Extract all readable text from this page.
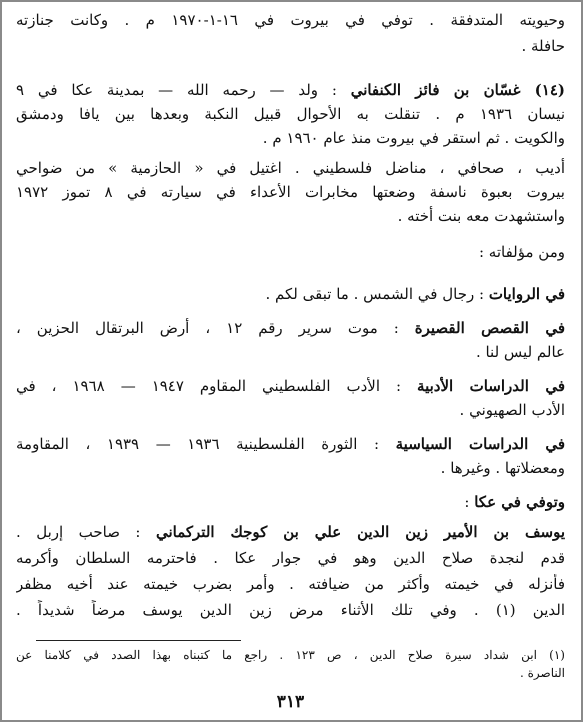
وحيويته المتدفقة . توفي في بيروت في ١٦-١-١٩٧٠ م . وكانت جنازته
حافلة .
(١٤) غسّان بن فائز الكنفاني : ولد — رحمه الله — بمدينة عكا في ٩
نيسان ١٩٣٦ م . تنقلت به الأحوال قبيل النكبة وبعدها بين يافا ودمشق
والكويت . ثم استقر في بيروت منذ عام ١٩٦٠ م .
أديب ، صحافي ، مناضل فلسطيني . اغتيل في « الحازمية » من ضواحي
بيروت بعبوة ناسفة وضعتها مخابرات الأعداء في سيارته في ٨ تموز ١٩٧٢
واستشهدت معه بنت أخته .
ومن مؤلفاته :
في الروايات : رجال في الشمس . ما تبقى لكم .
في القصص القصيرة : موت سرير رقم ١٢ ، أرض البرتقال الحزين ،
عالم ليس لنا .
في الدراسات الأدبية : الأدب الفلسطيني المقاوم ١٩٤٧ — ١٩٦٨ ، في
الأدب الصهيوني .
في الدراسات السياسية : الثورة الفلسطينية ١٩٣٦ — ١٩٣٩ ، المقاومة
ومعضلاتها . وغيرها .
وتوفي في عكا :
يوسف بن الأمير زين الدين علي بن كوجك التركماني : صاحب إربل .
قدم لنجدة صلاح الدين وهو في جوار عكا . فاحترمه السلطان وأكرمه
فأنزله في خيمته وأكثر من ضيافته . وأمر بضرب خيمته عند أخيه مظفر
الدين (١) . وفي تلك الأثناء مرض زين الدين يوسف مرضاً شديداً .
(١) ابن شداد سيرة صلاح الدين ، ص ١٢٣ . راجع ما كتبناه بهذا الصدد في كلامنا عن
الناصرة .
٣١٣
